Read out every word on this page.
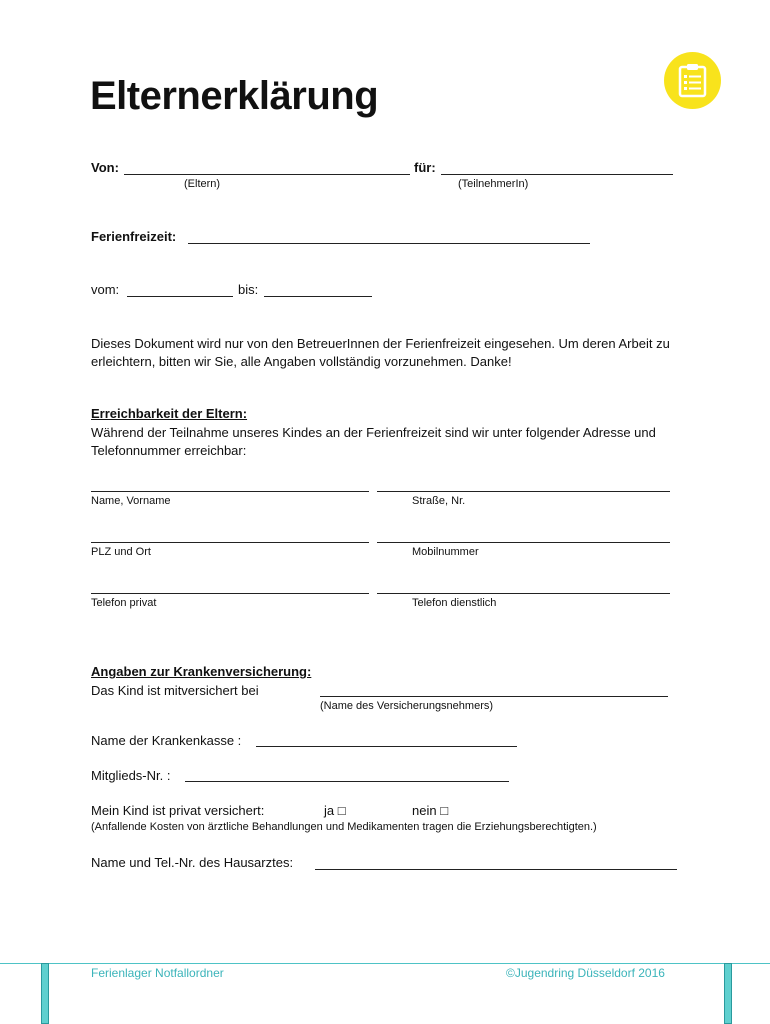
Elternerklärung
Von:
(Eltern)
für:
(TeilnehmerIn)
Ferienfreizeit:
vom:	bis:
Dieses Dokument wird nur von den BetreuerInnen der Ferienfreizeit eingesehen. Um deren Arbeit zu erleichtern, bitten wir Sie, alle Angaben vollständig vorzunehmen. Danke!
Erreichbarkeit der Eltern:
Während der Teilnahme unseres Kindes an der Ferienfreizeit sind wir unter folgender Adresse und Telefonnummer erreichbar:
Name, Vorname	Straße, Nr.
PLZ und Ort	Mobilnummer
Telefon privat	Telefon dienstlich
Angaben zur Krankenversicherung:
Das Kind ist mitversichert bei
(Name des Versicherungsnehmers)
Name der Krankenkasse :
Mitglieds-Nr. :
Mein Kind ist privat versichert:	ja □	nein □
(Anfallende Kosten von ärztliche Behandlungen und Medikamenten tragen die Erziehungsberechtigten.)
Name und Tel.-Nr. des Hausarztes:
Ferienlager Notfallordner	©Jugendring Düsseldorf 2016
